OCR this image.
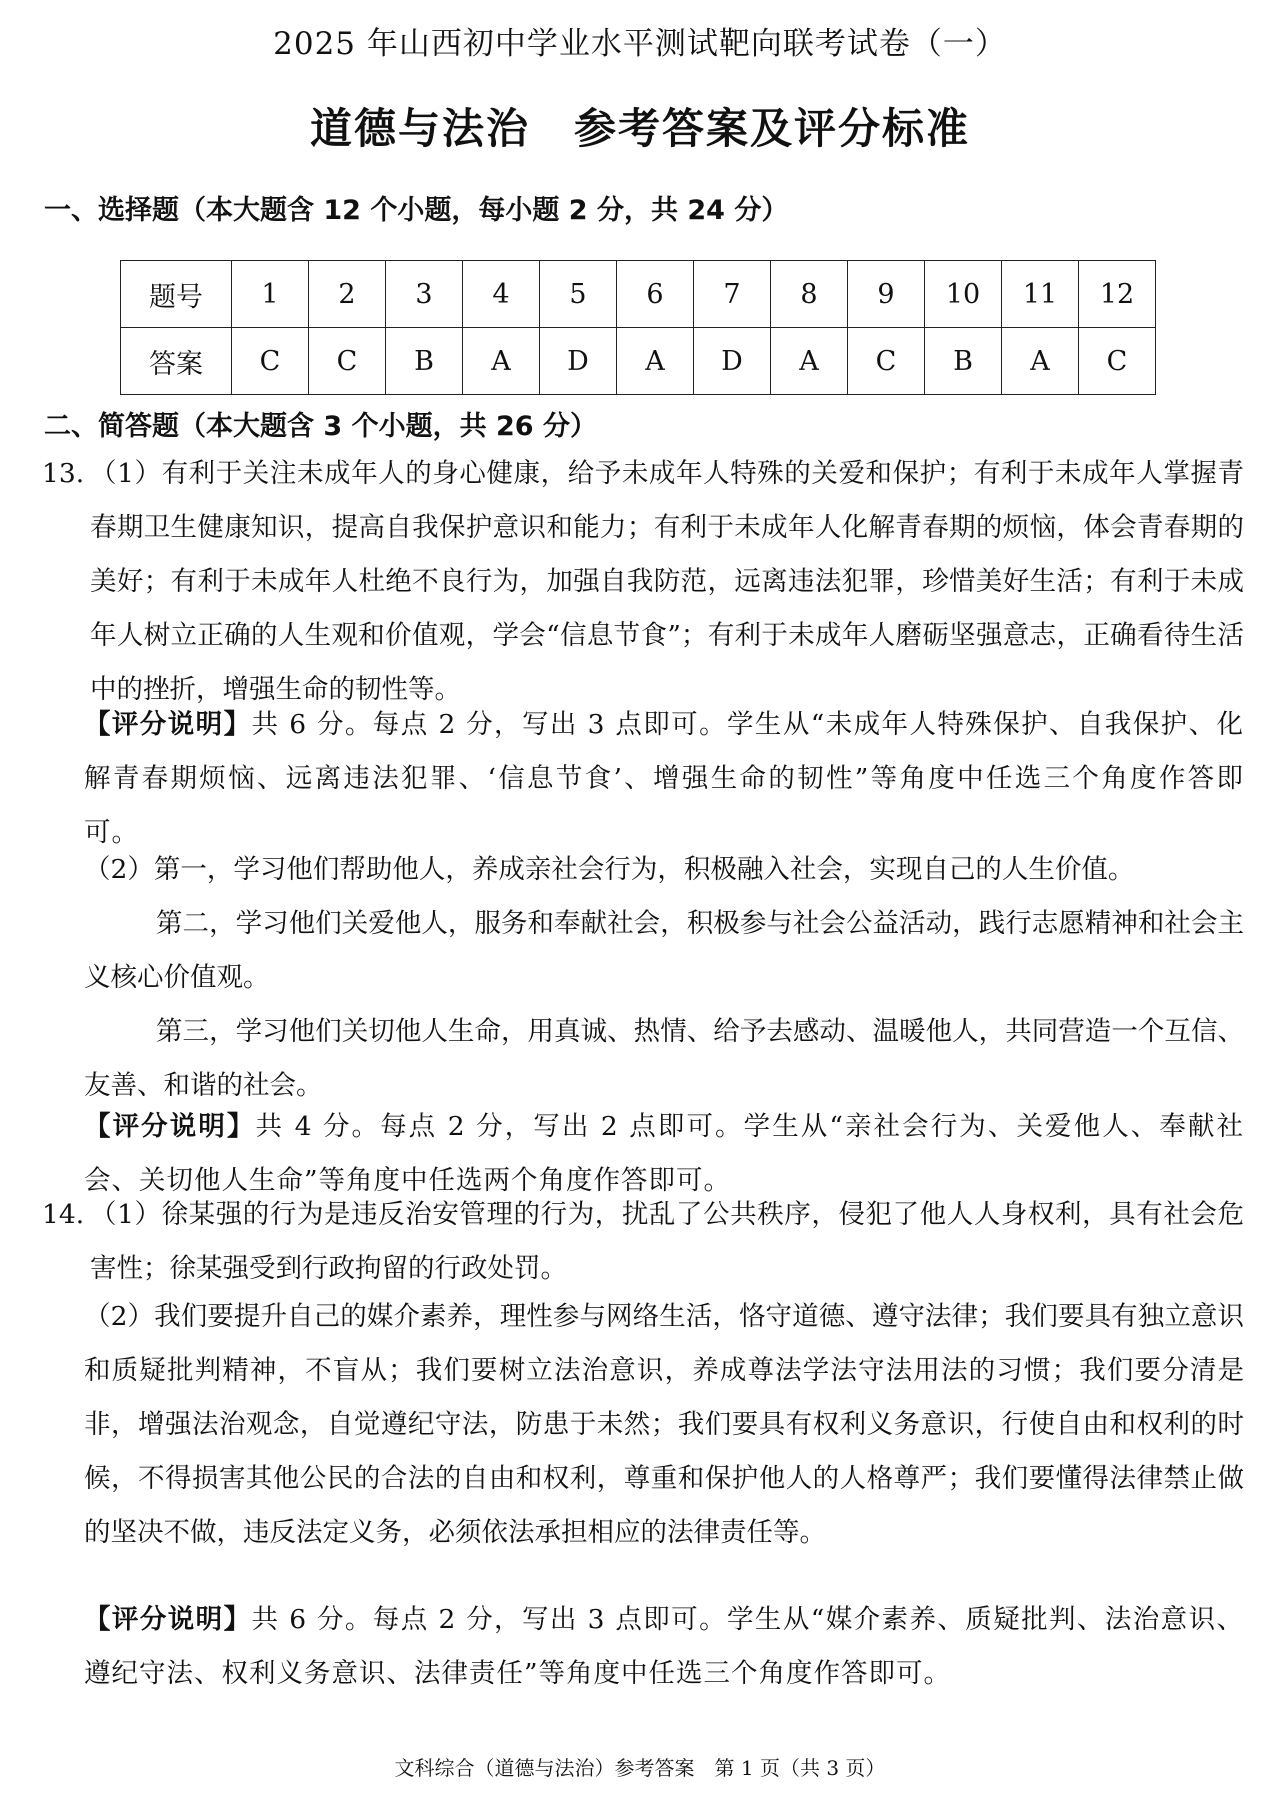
2025 年山西初中学业水平测试靶向联考试卷（一）
道德与法治　参考答案及评分标准
一、选择题（本大题含 12 个小题，每小题 2 分，共 24 分）
题号	1	2	3	4	5	6	7	8	9	10	11	12
答案	C	C	B	A	D	A	D	A	C	B	A	C
二、简答题（本大题含 3 个小题，共 26 分）
13. （1）有利于关注未成年人的身心健康，给予未成年人特殊的关爱和保护；有利于未成年人掌握青春期卫生健康知识，提高自我保护意识和能力；有利于未成年人化解青春期的烦恼，体会青春期的美好；有利于未成年人杜绝不良行为，加强自我防范，远离违法犯罪，珍惜美好生活；有利于未成年人树立正确的人生观和价值观，学会“信息节食”；有利于未成年人磨砺坚强意志，正确看待生活中的挫折，增强生命的韧性等。

【评分说明】共 6 分。每点 2 分，写出 3 点即可。学生从“未成年人特殊保护、自我保护、化解青春期烦恼、远离违法犯罪、‘信息节食’、增强生命的韧性”等角度中任选三个角度作答即可。

（2）第一，学习他们帮助他人，养成亲社会行为，积极融入社会，实现自己的人生价值。

第二，学习他们关爱他人，服务和奉献社会，积极参与社会公益活动，践行志愿精神和社会主义核心价值观。

第三，学习他们关切他人生命，用真诚、热情、给予去感动、温暖他人，共同营造一个互信、友善、和谐的社会。

【评分说明】共 4 分。每点 2 分，写出 2 点即可。学生从“亲社会行为、关爱他人、奉献社会、关切他人生命”等角度中任选两个角度作答即可。

14. （1）徐某强的行为是违反治安管理的行为，扰乱了公共秩序，侵犯了他人人身权利，具有社会危害性；徐某强受到行政拘留的行政处罚。
（2）我们要提升自己的媒介素养，理性参与网络生活，恪守道德、遵守法律；我们要具有独立意识和质疑批判精神，不盲从；我们要树立法治意识，养成尊法学法守法用法的习惯；我们要分清是非，增强法治观念，自觉遵纪守法，防患于未然；我们要具有权利义务意识，行使自由和权利的时候，不得损害其他公民的合法的自由和权利，尊重和保护他人的人格尊严；我们要懂得法律禁止做的坚决不做，违反法定义务，必须依法承担相应的法律责任等。

【评分说明】共 6 分。每点 2 分，写出 3 点即可。学生从“媒介素养、质疑批判、法治意识、遵纪守法、权利义务意识、法律责任”等角度中任选三个角度作答即可。

文科综合（道德与法治）参考答案　第 1 页（共 3 页）
